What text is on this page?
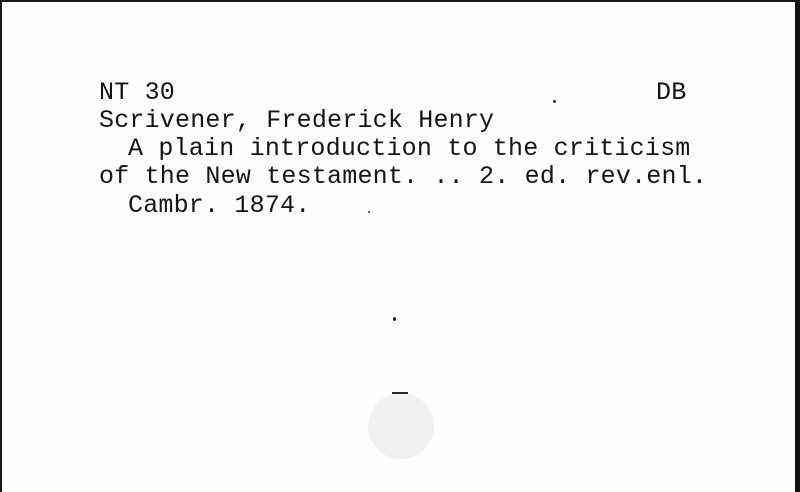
NT 30	DB
Scrivener, Frederick Henry
A plain introduction to the criticism
of the New testament. .. 2. ed. rev.enl.
Cambr. 1874.
